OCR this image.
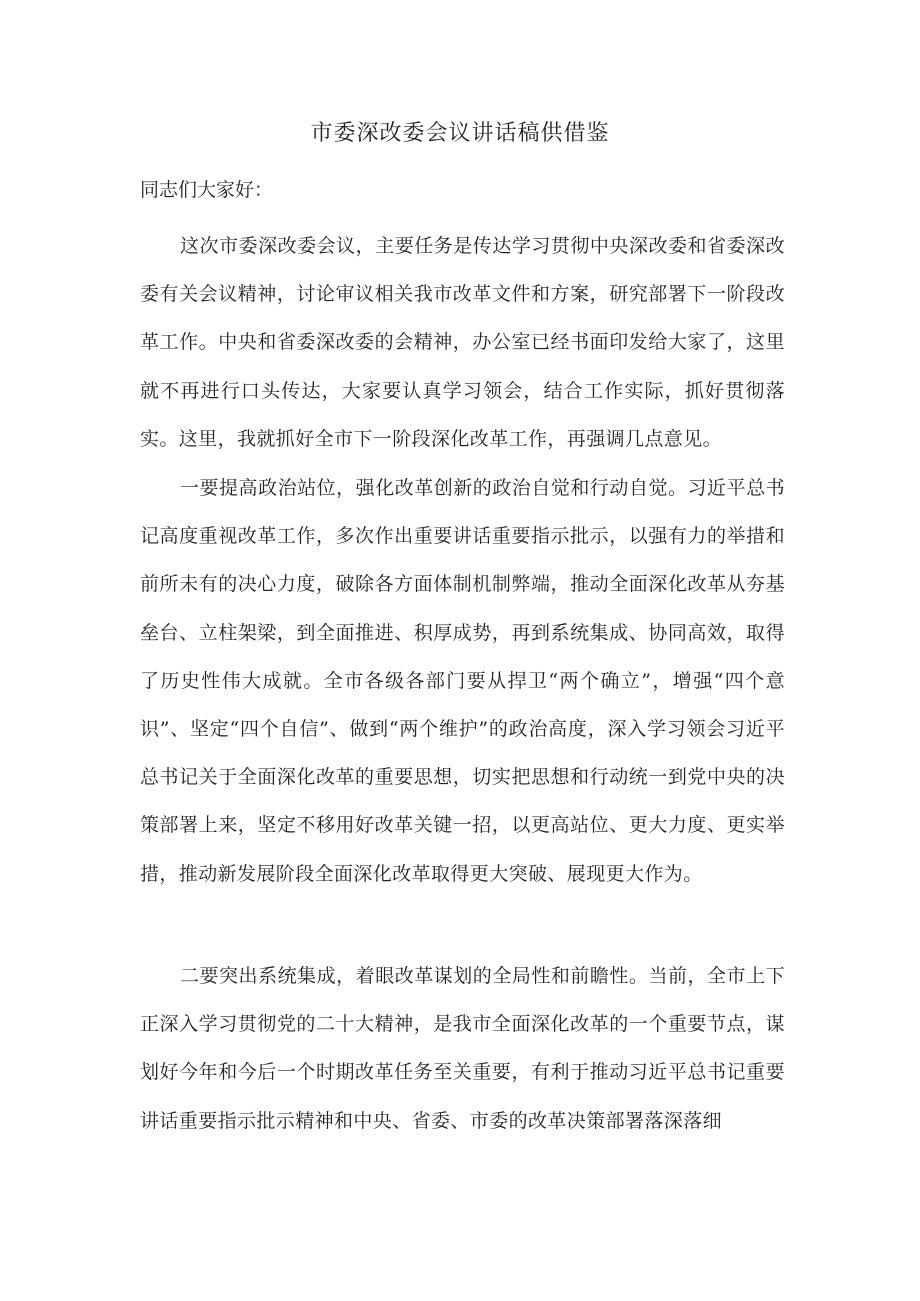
市委深改委会议讲话稿供借鉴

同志们大家好：

这次市委深改委会议，主要任务是传达学习贯彻中央深改委和省委深改委有关会议精神，讨论审议相关我市改革文件和方案，研究部署下一阶段改革工作。中央和省委深改委的会精神，办公室已经书面印发给大家了，这里就不再进行口头传达，大家要认真学习领会，结合工作实际，抓好贯彻落实。这里，我就抓好全市下一阶段深化改革工作，再强调几点意见。

一要提高政治站位，强化改革创新的政治自觉和行动自觉。习近平总书记高度重视改革工作，多次作出重要讲话重要指示批示，以强有力的举措和前所未有的决心力度，破除各方面体制机制弊端，推动全面深化改革从夯基垒台、立柱架梁，到全面推进、积厚成势，再到系统集成、协同高效，取得了历史性伟大成就。全市各级各部门要从捍卫“两个确立”，增强“四个意识”、坚定“四个自信”、做到“两个维护”的政治高度，深入学习领会习近平总书记关于全面深化改革的重要思想，切实把思想和行动统一到党中央的决策部署上来，坚定不移用好改革关键一招，以更高站位、更大力度、更实举措，推动新发展阶段全面深化改革取得更大突破、展现更大作为。

二要突出系统集成，着眼改革谋划的全局性和前瞻性。当前，全市上下正深入学习贯彻党的二十大精神，是我市全面深化改革的一个重要节点，谋划好今年和今后一个时期改革任务至关重要，有利于推动习近平总书记重要讲话重要指示批示精神和中央、省委、市委的改革决策部署落深落细
